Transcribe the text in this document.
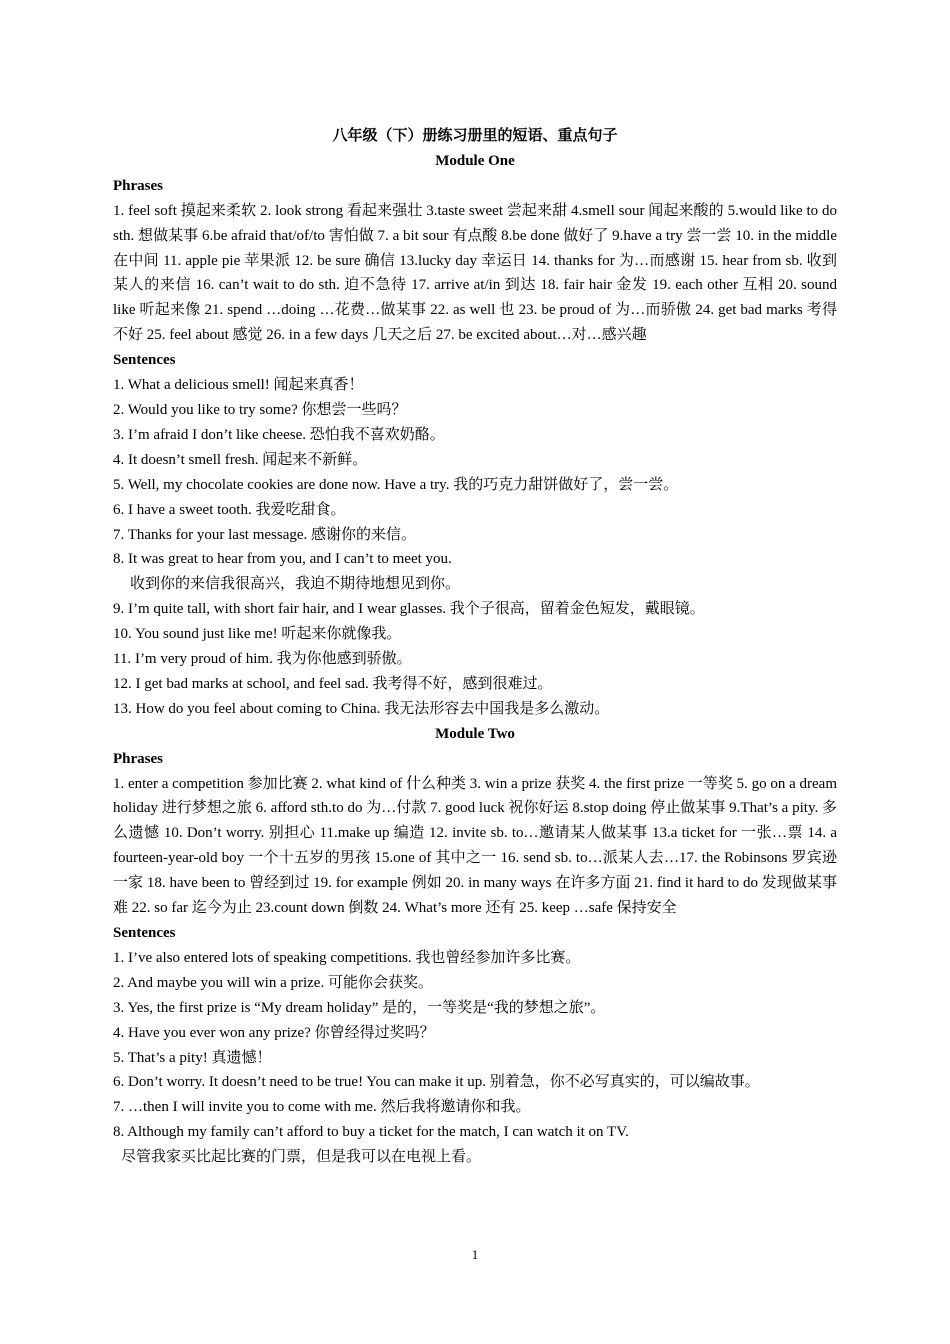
八年级（下）册练习册里的短语、重点句子
Module One
Phrases
1. feel soft 摸起来柔软 2. look strong 看起来强壮 3.taste sweet 尝起来甜 4.smell sour 闻起来酸的 5.would like to do sth. 想做某事 6.be afraid that/of/to 害怕做 7. a bit sour 有点酸 8.be done 做好了 9.have a try 尝一尝 10. in the middle 在中间 11. apple pie 苹果派 12. be sure 确信 13.lucky day 幸运日 14. thanks for 为…而感谢 15. hear from sb. 收到某人的来信 16. can’t wait to do sth. 迫不急待 17. arrive at/in 到达 18. fair hair 金发 19. each other 互相 20. sound like 听起来像 21. spend …doing …花费…做某事 22. as well 也 23. be proud of 为…而骄傲 24. get bad marks 考得不好 25. feel about 感觉 26. in a few days 几天之后 27. be excited about…对…感兴趣
Sentences
1. What a delicious smell! 闻起来真香！
2. Would you like to try some? 你想尝一些吗？
3. I’m afraid I don’t like cheese. 恐怕我不喜欢奶酪。
4. It doesn’t smell fresh. 闻起来不新鲜。
5. Well, my chocolate cookies are done now. Have a try. 我的巧克力甜饼做好了，尝一尝。
6. I have a sweet tooth. 我爱吃甜食。
7. Thanks for your last message. 感谢你的来信。
8. It was great to hear from you, and I can’t to meet you.
收到你的来信我很高兴，我迫不期待地想见到你。
9. I’m quite tall, with short fair hair, and I wear glasses. 我个子很高，留着金色短发，戴眼镜。
10. You sound just like me! 听起来你就像我。
11. I’m very proud of him. 我为你他感到骄傲。
12. I get bad marks at school, and feel sad. 我考得不好，感到很难过。
13. How do you feel about coming to China. 我无法形容去中国我是多么激动。
Module Two
Phrases
1. enter a competition 参加比赛 2. what kind of 什么种类 3. win a prize 获奖 4. the first prize 一等奖 5. go on a dream holiday 进行梦想之旅 6. afford sth.to do 为…付款 7. good luck 祝你好运 8.stop doing 停止做某事 9.That’s a pity. 多么遗憾 10. Don’t worry. 别担心 11.make up 编造 12. invite sb. to…邀请某人做某事 13.a ticket for 一张…票 14. a fourteen-year-old boy 一个十五岁的男孩 15.one of 其中之一 16. send sb. to…派某人去…17. the Robinsons 罗宾逊一家 18. have been to 曾经到过 19. for example 例如 20. in many ways 在许多方面 21. find it hard to do 发现做某事难 22. so far 迄今为止 23.count down 倒数 24. What’s more 还有 25. keep …safe 保持安全
Sentences
1. I’ve also entered lots of speaking competitions. 我也曾经参加许多比赛。
2. And maybe you will win a prize. 可能你会获奖。
3. Yes, the first prize is “My dream holiday” 是的，一等奖是“我的梦想之旅”。
4. Have you ever won any prize? 你曾经得过奖吗？
5. That’s a pity! 真遗憾！
6. Don’t worry. It doesn’t need to be true! You can make it up. 别着急，你不必写真实的，可以编故事。
7. …then I will invite you to come with me. 然后我将邀请你和我。
8. Although my family can’t afford to buy a ticket for the match, I can watch it on TV.
尽管我家买比起比赛的门票，但是我可以在电视上看。
1
